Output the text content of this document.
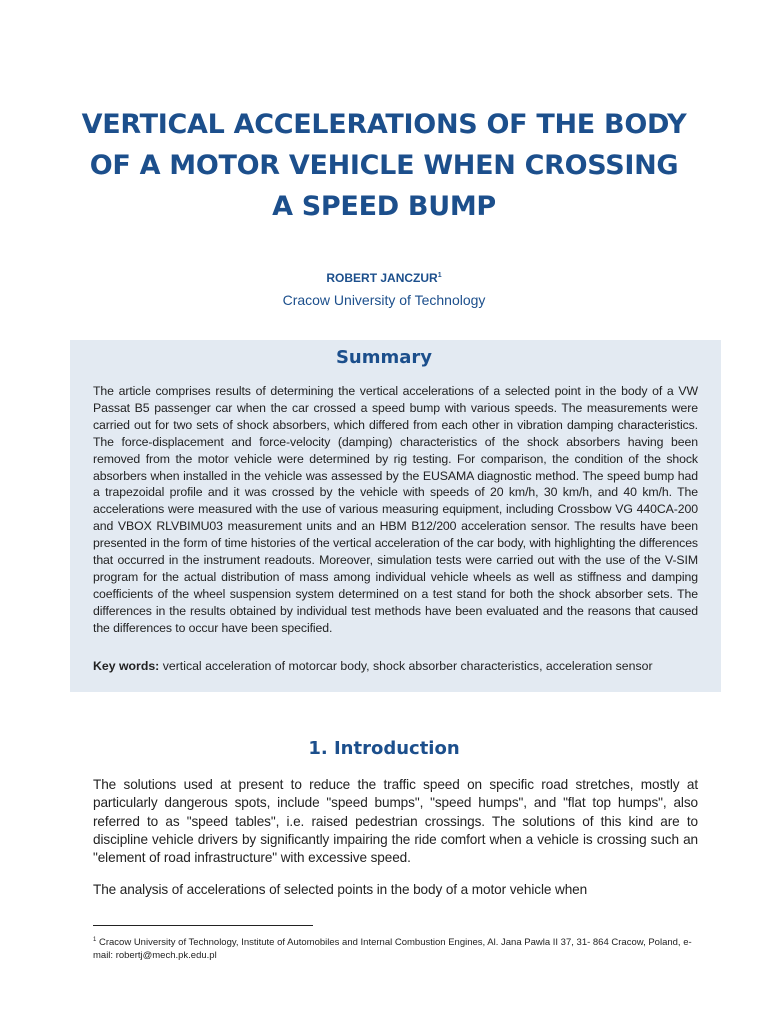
VERTICAL ACCELERATIONS OF THE BODY
OF A MOTOR VEHICLE WHEN CROSSING
A SPEED BUMP
ROBERT JANCZUR$^1$
Cracow University of Technology
Summary
The article comprises results of determining the vertical accelerations of a selected point in the body of a VW Passat B5 passenger car when the car crossed a speed bump with various speeds. The measurements were carried out for two sets of shock absorbers, which differed from each other in vibration damping characteristics. The force-displacement and force-velocity (damping) characteristics of the shock absorbers having been removed from the motor vehicle were determined by rig testing. For comparison, the condition of the shock absorbers when installed in the vehicle was assessed by the EUSAMA diagnostic method. The speed bump had a trapezoidal profile and it was crossed by the vehicle with speeds of 20 km/h, 30 km/h, and 40 km/h. The accelerations were measured with the use of various measuring equipment, including Crossbow VG 440CA-200 and VBOX RLVBIMU03 measurement units and an HBM B12/200 acceleration sensor. The results have been presented in the form of time histories of the vertical acceleration of the car body, with highlighting the differences that occurred in the instrument readouts. Moreover, simulation tests were carried out with the use of the V-SIM program for the actual distribution of mass among individual vehicle wheels as well as stiffness and damping coefficients of the wheel suspension system determined on a test stand for both the shock absorber sets. The differences in the results obtained by individual test methods have been evaluated and the reasons that caused the differences to occur have been specified.
Key words: vertical acceleration of motorcar body, shock absorber characteristics, acceleration sensor
1. Introduction
The solutions used at present to reduce the traffic speed on specific road stretches, mostly at particularly dangerous spots, include "speed bumps", "speed humps", and "flat top humps", also referred to as "speed tables", i.e. raised pedestrian crossings. The solutions of this kind are to discipline vehicle drivers by significantly impairing the ride comfort when a vehicle is crossing such an "element of road infrastructure" with excessive speed.
The analysis of accelerations of selected points in the body of a motor vehicle when
$^1$ Cracow University of Technology, Institute of Automobiles and Internal Combustion Engines, Al. Jana Pawla II 37, 31- 864 Cracow, Poland, e-mail: robertj@mech.pk.edu.pl
